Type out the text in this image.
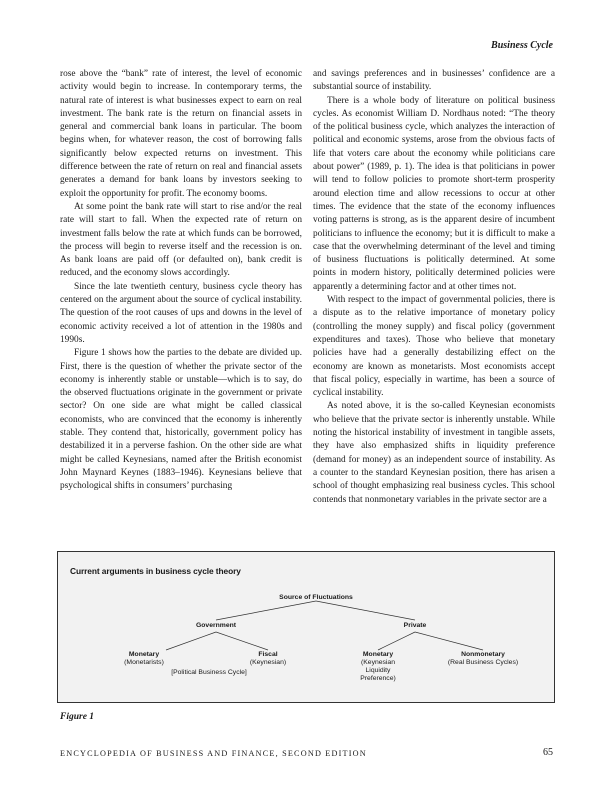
Business Cycle

rose above the “bank” rate of interest, the level of economic activity would begin to increase. In contemporary terms, the natural rate of interest is what businesses expect to earn on real investment. The bank rate is the return on financial assets in general and commercial bank loans in particular. The boom begins when, for whatever reason, the cost of borrowing falls significantly below expected returns on investment. This difference between the rate of return on real and financial assets generates a demand for bank loans by investors seeking to exploit the opportunity for profit. The economy booms.

At some point the bank rate will start to rise and/or the real rate will start to fall. When the expected rate of return on investment falls below the rate at which funds can be borrowed, the process will begin to reverse itself and the recession is on. As bank loans are paid off (or defaulted on), bank credit is reduced, and the economy slows accordingly.

Since the late twentieth century, business cycle theory has centered on the argument about the source of cyclical instability. The question of the root causes of ups and downs in the level of economic activity received a lot of attention in the 1980s and 1990s.

Figure 1 shows how the parties to the debate are divided up. First, there is the question of whether the private sector of the economy is inherently stable or unstable—which is to say, do the observed fluctuations originate in the government or private sector? On one side are what might be called classical economists, who are convinced that the economy is inherently stable. They contend that, historically, government policy has destabilized it in a perverse fashion. On the other side are what might be called Keynesians, named after the British economist John Maynard Keynes (1883–1946). Keynesians believe that psychological shifts in consumers’ purchasing

and savings preferences and in businesses’ confidence are a substantial source of instability.

There is a whole body of literature on political business cycles. As economist William D. Nordhaus noted: “The theory of the political business cycle, which analyzes the interaction of political and economic systems, arose from the obvious facts of life that voters care about the economy while politicians care about power” (1989, p. 1). The idea is that politicians in power will tend to follow policies to promote short-term prosperity around election time and allow recessions to occur at other times. The evidence that the state of the economy influences voting patterns is strong, as is the apparent desire of incumbent politicians to influence the economy; but it is difficult to make a case that the overwhelming determinant of the level and timing of business fluctuations is politically determined. At some points in modern history, politically determined policies were apparently a determining factor and at other times not.

With respect to the impact of governmental policies, there is a dispute as to the relative importance of monetary policy (controlling the money supply) and fiscal policy (government expenditures and taxes). Those who believe that monetary policies have had a generally destabilizing effect on the economy are known as monetarists. Most economists accept that fiscal policy, especially in wartime, has been a source of cyclical instability.

As noted above, it is the so-called Keynesian economists who believe that the private sector is inherently unstable. While noting the historical instability of investment in tangible assets, they have also emphasized shifts in liquidity preference (demand for money) as an independent source of instability. As a counter to the standard Keynesian position, there has arisen a school of thought emphasizing real business cycles. This school contends that nonmonetary variables in the private sector are a

Current arguments in business cycle theory
Source of Fluctuations
Government	Private
Monetary
(Monetarists)
Fiscal
(Keynesian)
[Political Business Cycle]
Monetary
(Keynesian
Liquidity
Preference)
Nonmonetary
(Real Business Cycles)
Figure 1
ENCYCLOPEDIA OF BUSINESS AND FINANCE, SECOND EDITION	65
